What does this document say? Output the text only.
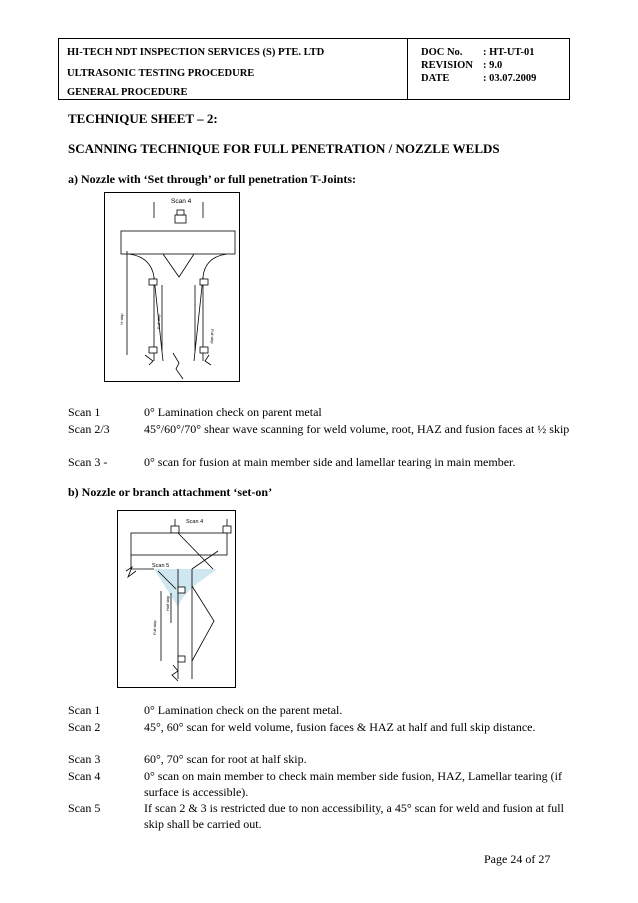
HI-TECH NDT INSPECTION SERVICES (S) PTE. LTD
ULTRASONIC TESTING PROCEDURE
GENERAL PROCEDURE
DOC No. : HT-UT-01
REVISION : 9.0
DATE	: 03.07.2009
TECHNIQUE SHEET – 2:
SCANNING TECHNIQUE FOR FULL PENETRATION / NOZZLE WELDS
a) Nozzle with ‘Set through’ or full penetration T-Joints:
Scan 4
½ skip	Full skip
Full skip
Scan 1	0° Lamination check on parent metal
Scan 2/3	45°/60°/70° shear wave scanning for weld volume, root, HAZ and fusion faces at ½ skip
Scan 3 -	0° scan for fusion at main member side and lamellar tearing in main member.
b) Nozzle or branch attachment ‘set-on’
Scan 4
Scan 5
Half skip
Full skip
Scan 1	0° Lamination check on the parent metal.
Scan 2	45°, 60° scan for weld volume, fusion faces & HAZ at half and full skip distance.
Scan 3	60°, 70° scan for root at half skip.
Scan 4	0° scan on main member to check main member side fusion, HAZ, Lamellar tearing (if surface is accessible).
Scan 5	If scan 2 & 3 is restricted due to non accessibility, a 45° scan for weld and fusion at full skip shall be carried out.
Page 24 of 27
